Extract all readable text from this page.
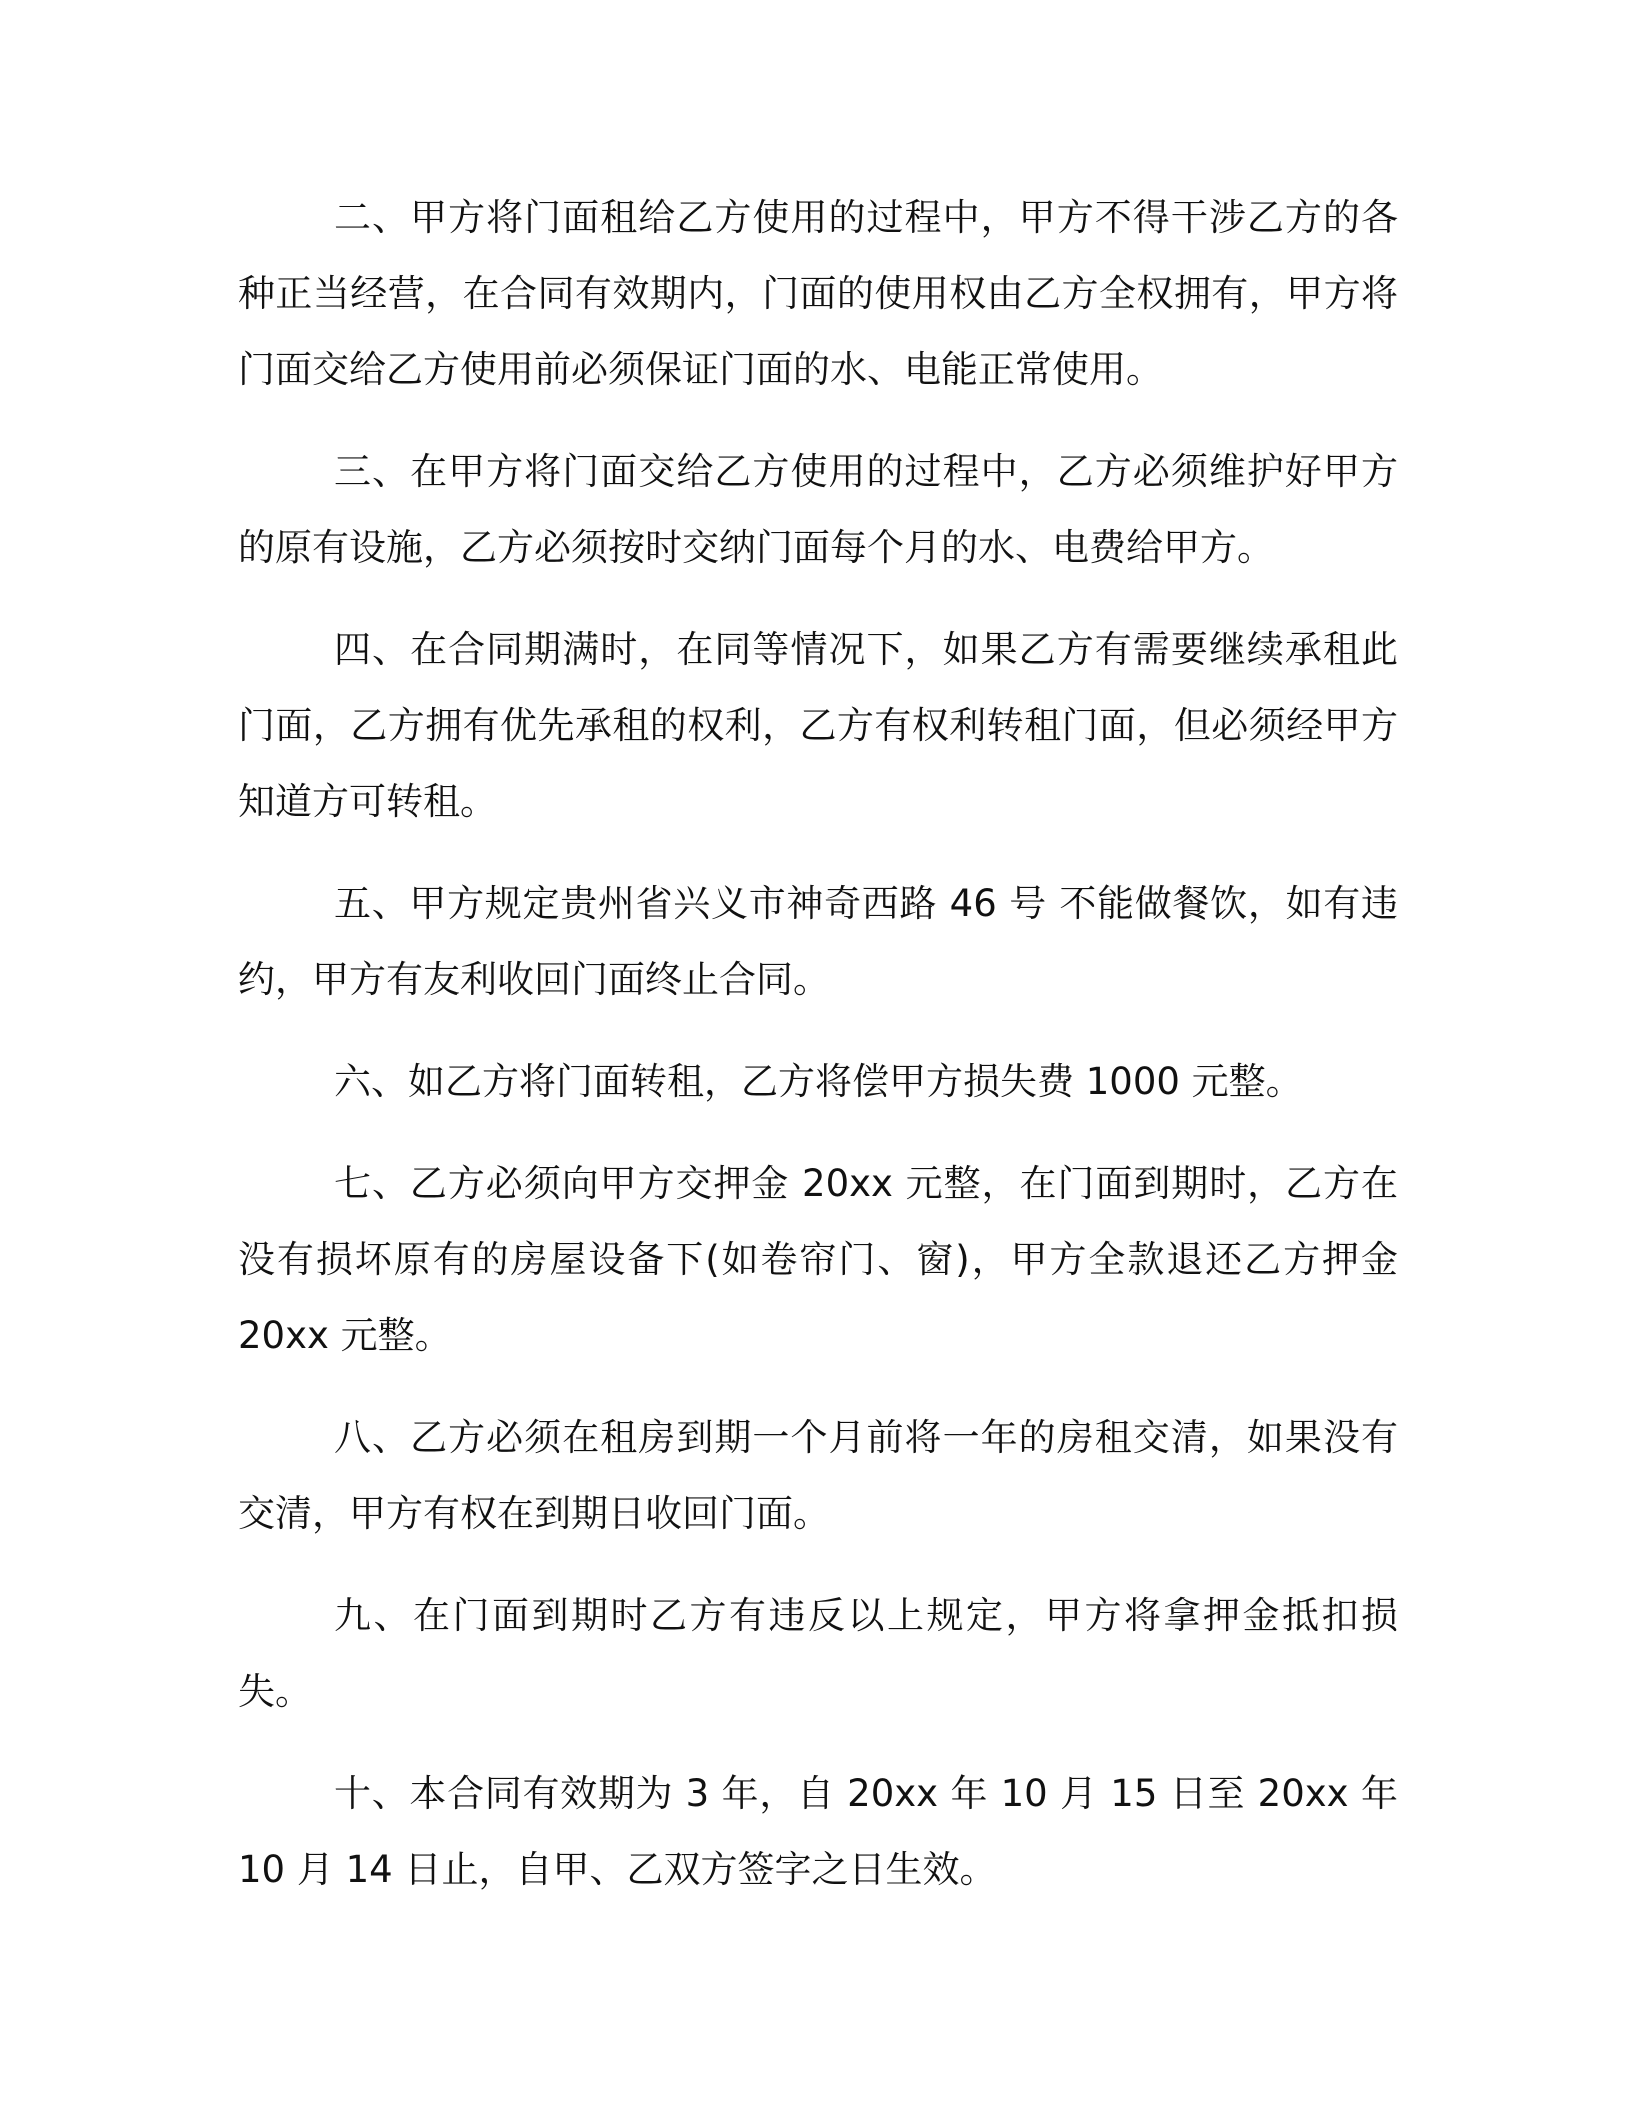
二、甲方将门面租给乙方使用的过程中，甲方不得干涉乙方的各种正当经营，在合同有效期内，门面的使用权由乙方全权拥有，甲方将门面交给乙方使用前必须保证门面的水、电能正常使用。

三、在甲方将门面交给乙方使用的过程中，乙方必须维护好甲方的原有设施，乙方必须按时交纳门面每个月的水、电费给甲方。

四、在合同期满时，在同等情况下，如果乙方有需要继续承租此门面，乙方拥有优先承租的权利，乙方有权利转租门面，但必须经甲方知道方可转租。

五、甲方规定贵州省兴义市神奇西路 46 号 不能做餐饮，如有违约，甲方有友利收回门面终止合同。

六、如乙方将门面转租，乙方将偿甲方损失费 1000 元整。

七、乙方必须向甲方交押金 20xx 元整，在门面到期时，乙方在没有损坏原有的房屋设备下(如卷帘门、窗)，甲方全款退还乙方押金 20xx 元整。

八、乙方必须在租房到期一个月前将一年的房租交清，如果没有交清，甲方有权在到期日收回门面。

九、在门面到期时乙方有违反以上规定，甲方将拿押金抵扣损失。

十、本合同有效期为 3 年，自 20xx 年 10 月 15 日至 20xx 年 10 月 14 日止，自甲、乙双方签字之日生效。
